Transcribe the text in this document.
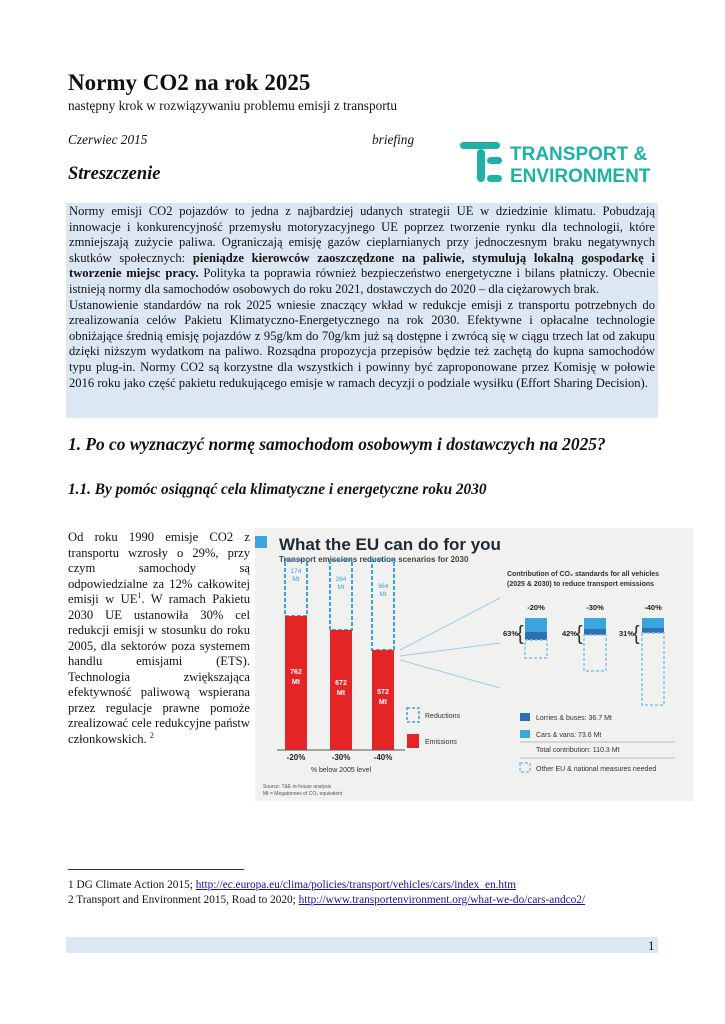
Normy CO2 na rok 2025
następny krok w rozwiązywaniu problemu emisji z transportu
Czerwiec 2015	briefing
TRANSPORT &
ENVIRONMENT
Streszczenie

Normy emisji CO2 pojazdów to jedna z najbardziej udanych strategii UE w dziedzinie klimatu. Pobudzają innowacje i konkurencyjność przemysłu motoryzacyjnego UE poprzez tworzenie rynku dla technologii, które zmniejszają zużycie paliwa. Ograniczają emisję gazów cieplarnianych przy jednoczesnym braku negatywnych skutków społecznych: pieniądze kierowców zaoszczędzone na paliwie, stymulują lokalną gospodarkę i tworzenie miejsc pracy. Polityka ta poprawia również bezpieczeństwo energetyczne i bilans płatniczy. Obecnie istnieją normy dla samochodów osobowych do roku 2021, dostawczych do 2020 – dla ciężarowych brak.

Ustanowienie standardów na rok 2025 wniesie znaczący wkład w redukcje emisji z transportu potrzebnych do zrealizowania celów Pakietu Klimatyczno-Energetycznego na rok 2030. Efektywne i opłacalne technologie obniżające średnią emisję pojazdów z 95g/km do 70g/km już są dostępne i zwrócą się w ciągu trzech lat od zakupu dzięki niższym wydatkom na paliwo. Rozsądna propozycja przepisów będzie też zachętą do kupna samochodów typu plug-in. Normy CO2 są korzystne dla wszystkich i powinny być zaproponowane przez Komisję w połowie 2016 roku jako część pakietu redukującego emisje w ramach decyzji o podziale wysiłku (Effort Sharing Decision).

1. Po co wyznaczyć normę samochodom osobowym i dostawczych na 2025?
1.1. By pomóc osiągnąć cela klimatyczne i energetyczne roku 2030

Od roku 1990 emisje CO2 z transportu wzrosły o 29%, przy czym samochody są odpowiedzialne za 12% całkowitej emisji w $UE^1$. W ramach Pakietu 2030 UE ustanowiła 30% cel redukcji emisji w stosunku do roku 2005, dla sektorów poza systemem handlu emisjami (ETS). Technologia zwiększająca efektywność paliwową wspierana przez regulacje prawne pomoże zrealizować cele redukcyjne państw członkowskich. $^2$

What the EU can do for you
Transport emissions reduction scenarios for 2030
174
Mt
762
Mt
-20%
264
Mt
672
Mt
-30%
364
Mt
572
Mt
-40%
% below 2005 level
Reductions
Emissions
Contribution of CO₂ standards for all vehicles
(2025 & 2030) to reduce transport emissions
-20%
63%
{
-30%
42%
{
-40%
31%
{
Lorries & buses: 36.7 Mt
Cars & vans: 73.6 Mt
Total contribution: 110.3 Mt
Other EU & national measures needed
Source: T&E in-house analysis
Mt = Megatonnes of CO₂ equivalent
1 DG Climate Action 2015; http://ec.europa.eu/clima/policies/transport/vehicles/cars/index_en.htm
2 Transport and Environment 2015, Road to 2020; http://www.transportenvironment.org/what-we-do/cars-andco2/
1
